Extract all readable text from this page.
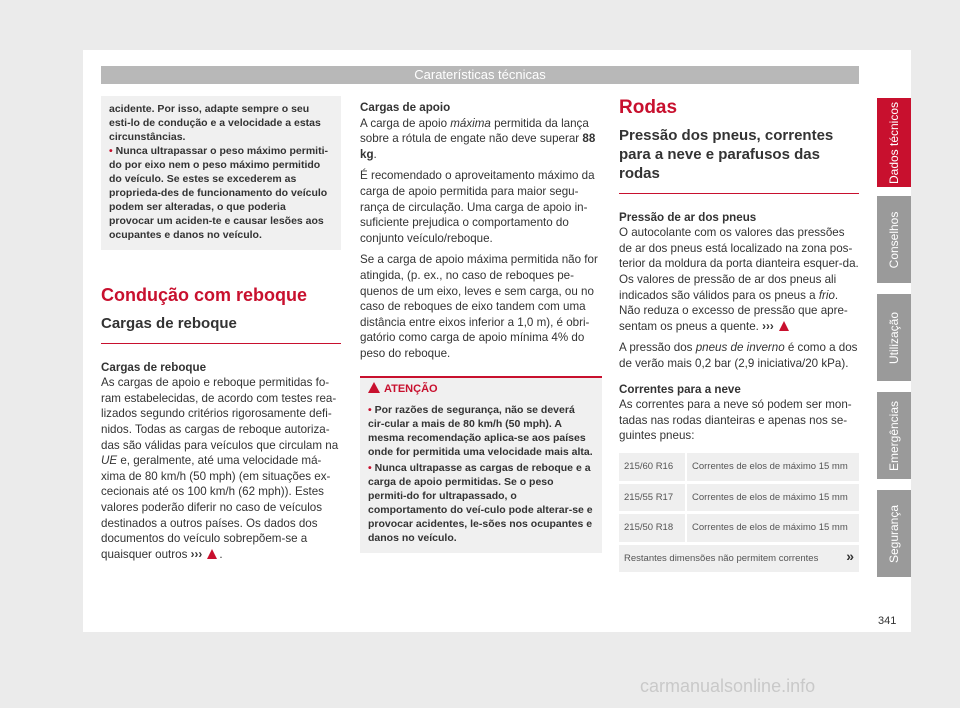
Caraterísticas técnicas

acidente. Por isso, adapte sempre o seu esti-lo de condução e a velocidade a estas circunstâncias.

• Nunca ultrapassar o peso máximo permiti-do por eixo nem o peso máximo permitido do veículo. Se estes se excederem as proprieda-des de funcionamento do veículo podem ser alteradas, o que poderia provocar um aciden-te e causar lesões aos ocupantes e danos no veículo.

Condução com reboque
Cargas de reboque
Cargas de reboque

As cargas de apoio e reboque permitidas fo-ram estabelecidas, de acordo com testes rea-lizados segundo critérios rigorosamente defi-nidos. Todas as cargas de reboque autoriza-das são válidas para veículos que circulam na UE e, geralmente, até uma velocidade má-xima de 80 km/h (50 mph) (em situações ex-cecionais até os 100 km/h (62 mph)). Estes valores poderão diferir no caso de veículos destinados a outros países. Os dados dos documentos do veículo sobrepõem-se a quaisquer outros ››› .

Cargas de apoio

A carga de apoio máxima permitida da lança sobre a rótula de engate não deve superar 88 kg.

É recomendado o aproveitamento máximo da carga de apoio permitida para maior segu-rança de circulação. Uma carga de apoio in-suficiente prejudica o comportamento do conjunto veículo/reboque.

Se a carga de apoio máxima permitida não for atingida, (p. ex., no caso de reboques pe-quenos de um eixo, leves e sem carga, ou no caso de reboques de eixo tandem com uma distância entre eixos inferior a 1,0 m), é obri-gatório como carga de apoio mínima 4% do peso do reboque.

ATENÇÃO

• Por razões de segurança, não se deverá cir-cular a mais de 80 km/h (50 mph). A mesma recomendação aplica-se aos países onde for permitida uma velocidade mais alta.

• Nunca ultrapasse as cargas de reboque e a carga de apoio permitidas. Se o peso permiti-do for ultrapassado, o comportamento do veí-culo pode alterar-se e provocar acidentes, le-sões nos ocupantes e danos no veículo.

Rodas
Pressão dos pneus, correntes para a neve e parafusos das rodas
Pressão de ar dos pneus

O autocolante com os valores das pressões de ar dos pneus está localizado na zona pos-terior da moldura da porta dianteira esquer-da. Os valores de pressão de ar dos pneus ali indicados são válidos para os pneus a frio. Não reduza o excesso de pressão que apre-sentam os pneus a quente. ›››

A pressão dos pneus de inverno é como a dos de verão mais 0,2 bar (2,9 iniciativa/20 kPa).

Correntes para a neve

As correntes para a neve só podem ser mon-tadas nas rodas dianteiras e apenas nos se-guintes pneus:

215/60 R16	Correntes de elos de máximo 15 mm
215/55 R17	Correntes de elos de máximo 15 mm
215/50 R18	Correntes de elos de máximo 15 mm
Restantes dimensões não permitem correntes »	
Dados técnicos
Conselhos
Utilização
Emergências
Segurança
341
carmanualsonline.info
